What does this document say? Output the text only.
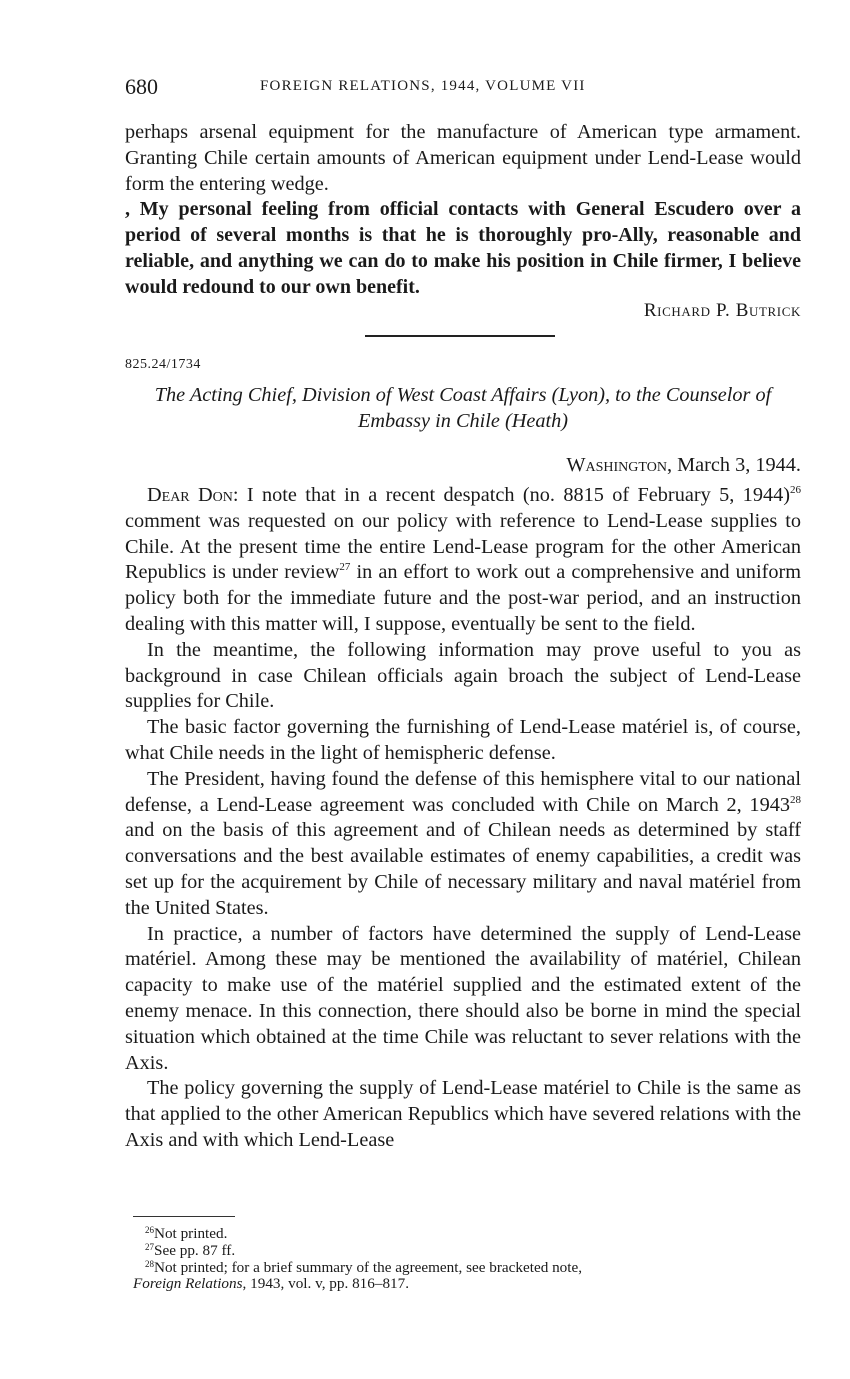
680	FOREIGN RELATIONS, 1944, VOLUME VII

perhaps arsenal equipment for the manufacture of American type armament. Granting Chile certain amounts of American equipment under Lend-Lease would form the entering wedge.

, My personal feeling from official contacts with General Escudero over a period of several months is that he is thoroughly pro-Ally, reasonable and reliable, and anything we can do to make his position in Chile firmer, I believe would redound to our own benefit.

Richard P. Butrick
825.24/1734
The Acting Chief, Division of West Coast Affairs (Lyon), to the Counselor of Embassy in Chile (Heath)
Washington, March 3, 1944.

Dear Don: I note that in a recent despatch (no. 8815 of February 5, 1944)$^{26}$ comment was requested on our policy with reference to Lend-Lease supplies to Chile. At the present time the entire Lend-Lease program for the other American Republics is under review$^{27}$ in an effort to work out a comprehensive and uniform policy both for the immediate future and the post-war period, and an instruction dealing with this matter will, I suppose, eventually be sent to the field.

In the meantime, the following information may prove useful to you as background in case Chilean officials again broach the subject of Lend-Lease supplies for Chile.

The basic factor governing the furnishing of Lend-Lease matériel is, of course, what Chile needs in the light of hemispheric defense.

The President, having found the defense of this hemisphere vital to our national defense, a Lend-Lease agreement was concluded with Chile on March 2, 1943$^{28}$ and on the basis of this agreement and of Chilean needs as determined by staff conversations and the best available estimates of enemy capabilities, a credit was set up for the acquirement by Chile of necessary military and naval matériel from the United States.

In practice, a number of factors have determined the supply of Lend-Lease matériel. Among these may be mentioned the availability of matériel, Chilean capacity to make use of the matériel supplied and the estimated extent of the enemy menace. In this connection, there should also be borne in mind the special situation which obtained at the time Chile was reluctant to sever relations with the Axis.

The policy governing the supply of Lend-Lease matériel to Chile is the same as that applied to the other American Republics which have severed relations with the Axis and with which Lend-Lease

$^{26}$Not printed.
$^{27}$See pp. 87 ff.
$^{28}$Not printed; for a brief summary of the agreement, see bracketed note,
Foreign Relations, 1943, vol. v, pp. 816–817.
